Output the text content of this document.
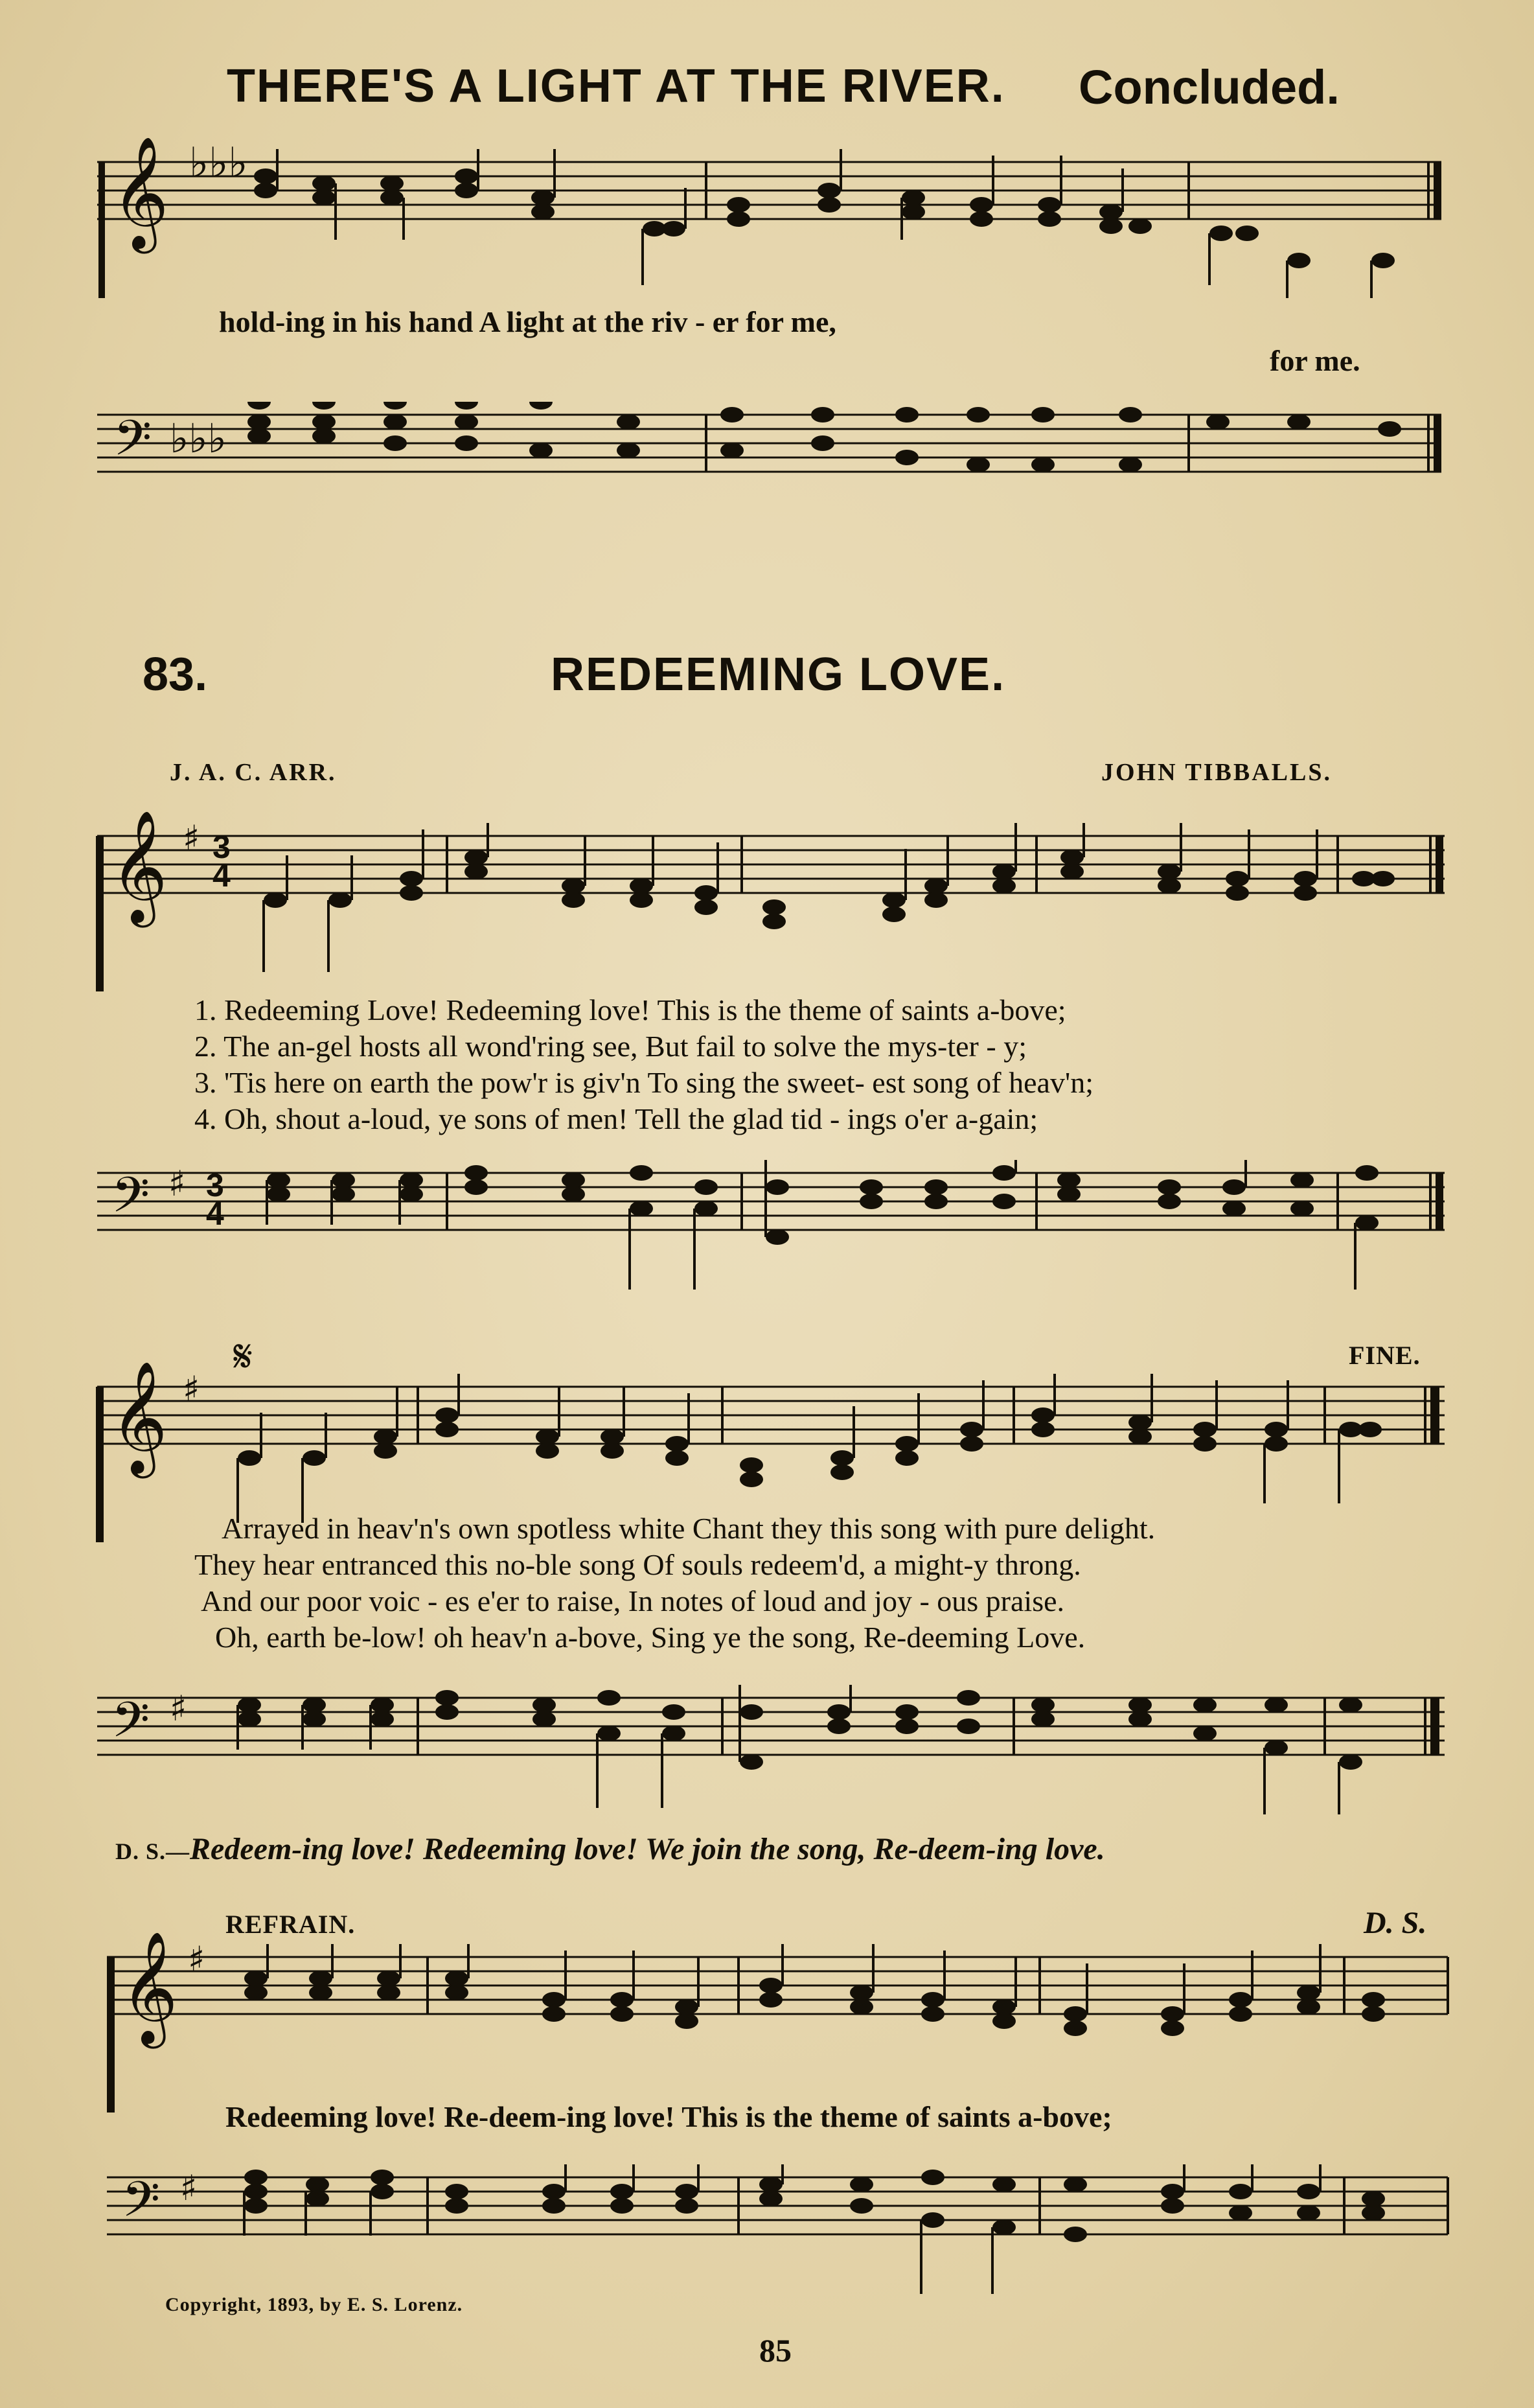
THERE'S A LIGHT AT THE RIVER. Concluded.
𝄞 ♭♭♭
hold-ing in his hand A light at the riv - er for me,
for me.
𝄢 ♭♭♭
83.	REDEEMING LOVE.
J. A. C. ARR.	JOHN TIBBALLS.
𝄞 ♯ 3
4
1. Redeeming Love! Redeeming love! This is the theme of saints a-bove;
2. The an-gel hosts all wond'ring see, But fail to solve the mys-ter - y;
3. 'Tis here on earth the pow'r is giv'n To sing the sweet- est song of heav'n;
4. Oh, shout a-loud, ye sons of men! Tell the glad tid - ings o'er a-gain;
𝄢 ♯ 3
4
𝄋	FINE.
𝄞 ♯
Arrayed in heav'n's own spotless white Chant they this song with pure delight.
They hear entranced this no-ble song Of souls redeem'd, a might-y throng.
And our poor voic - es e'er to raise, In notes of loud and joy - ous praise.
Oh, earth be-low! oh heav'n a-bove, Sing ye the song, Re-deeming Love.
𝄢 ♯
D. S.—Redeem-ing love! Redeeming love! We join the song, Re-deem-ing love.
REFRAIN.	D. S.
𝄞 ♯
Redeeming love! Re-deem-ing love! This is the theme of saints a-bove;
𝄢 ♯
Copyright, 1893, by E. S. Lorenz.
85
